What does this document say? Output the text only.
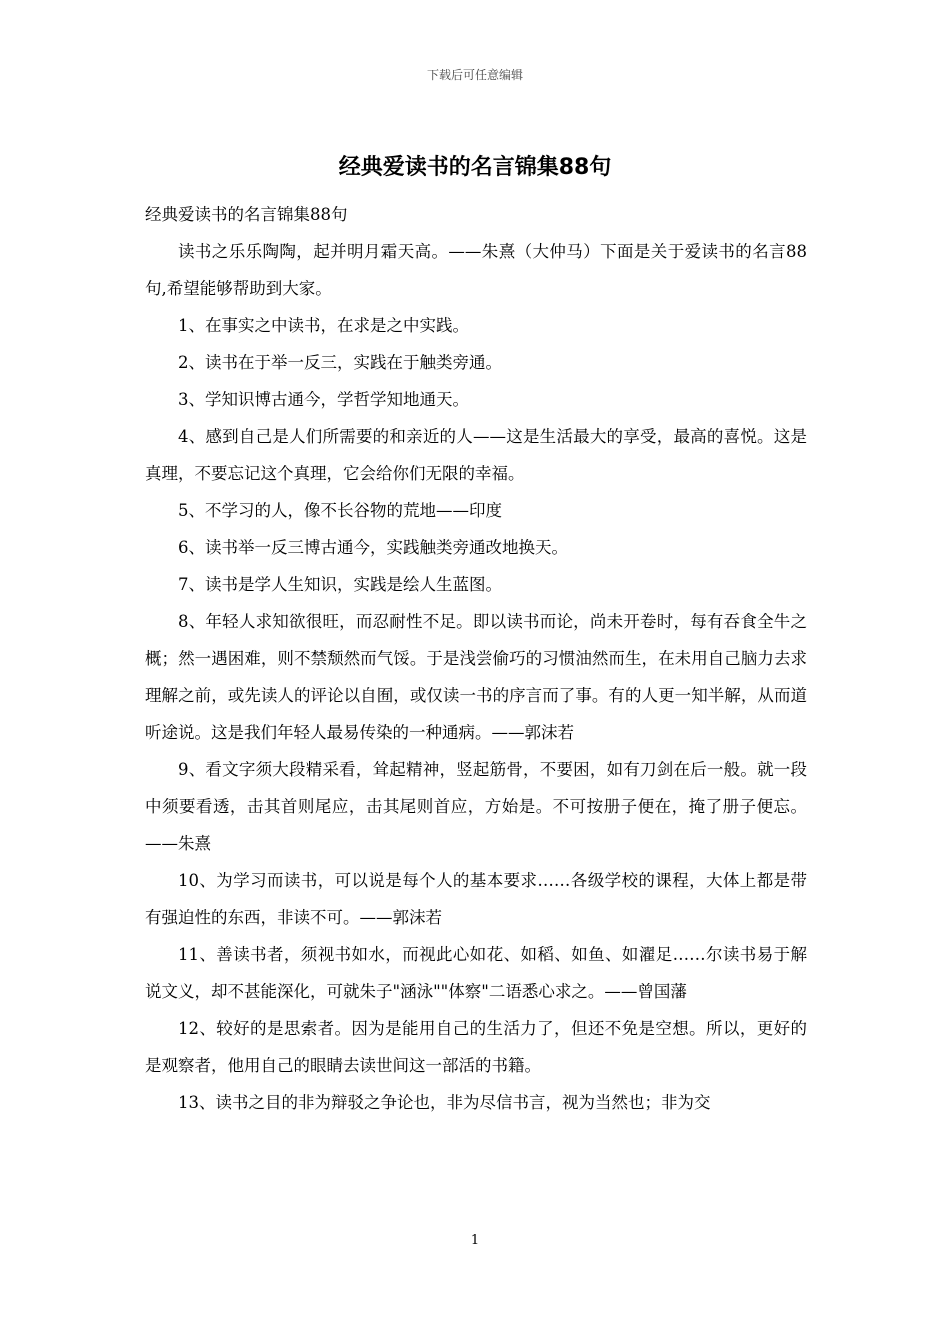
下载后可任意编辑
经典爱读书的名言锦集88句

经典爱读书的名言锦集88句

读书之乐乐陶陶，起并明月霜天高。——朱熹（大仲马）下面是关于爱读书的名言88句,希望能够帮助到大家。

1、在事实之中读书，在求是之中实践。

2、读书在于举一反三，实践在于触类旁通。

3、学知识博古通今，学哲学知地通天。

4、感到自己是人们所需要的和亲近的人——这是生活最大的享受，最高的喜悦。这是真理，不要忘记这个真理，它会给你们无限的幸福。

5、不学习的人，像不长谷物的荒地——印度

6、读书举一反三博古通今，实践触类旁通改地换天。

7、读书是学人生知识，实践是绘人生蓝图。

8、年轻人求知欲很旺，而忍耐性不足。即以读书而论，尚未开卷时，每有吞食全牛之概；然一遇困难，则不禁颓然而气馁。于是浅尝偷巧的习惯油然而生，在未用自己脑力去求理解之前，或先读人的评论以自囿，或仅读一书的序言而了事。有的人更一知半解，从而道听途说。这是我们年轻人最易传染的一种通病。——郭沫若

9、看文字须大段精采看，耸起精神，竖起筋骨，不要困，如有刀剑在后一般。就一段中须要看透，击其首则尾应，击其尾则首应，方始是。不可按册子便在，掩了册子便忘。——朱熹

10、为学习而读书，可以说是每个人的基本要求……各级学校的课程，大体上都是带有强迫性的东西，非读不可。——郭沫若

11、善读书者，须视书如水，而视此心如花、如稻、如鱼、如濯足……尔读书易于解说文义，却不甚能深化，可就朱子"涵泳""体察"二语悉心求之。——曾国藩

12、较好的是思索者。因为是能用自己的生活力了，但还不免是空想。所以，更好的是观察者，他用自己的眼睛去读世间这一部活的书籍。

13、读书之目的非为辩驳之争论也，非为尽信书言，视为当然也；非为交

1
